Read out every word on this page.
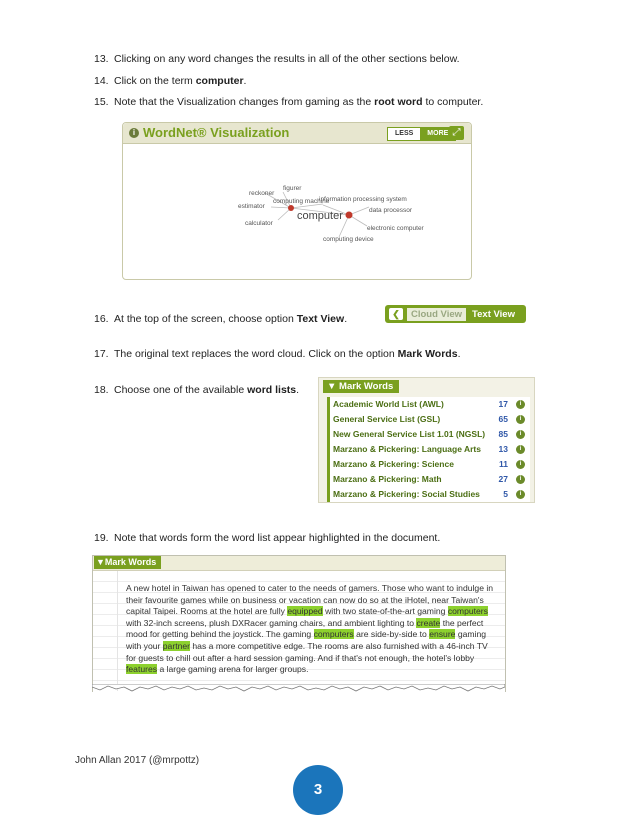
13. Clicking on any word changes the results in all of the other sections below.
14. Click on the term computer.
15. Note that the Visualization changes from gaming as the root word to computer.
i WordNet® Visualization	LESS	MORE ⤢
figurer
reckoner
estimator
computing machine
information processing system
data processor
calculator
electronic computer
computing device
computer
16. At the top of the screen, choose option Text View.	❮	Cloud View	Text View
17. The original text replaces the word cloud. Click on the option Mark Words.
18. Choose one of the available word lists.	▼ Mark Words
Academic World List (AWL)	17	i
General Service List (GSL)	65	i
New General Service List 1.01 (NGSL) 85	i
Marzano & Pickering: Language Arts 13	i
Marzano & Pickering: Science	11	i
Marzano & Pickering: Math	27	i
Marzano & Pickering: Social Studies	5	i
19. Note that words form the word list appear highlighted in the document.
▼Mark Words
A new hotel in Taiwan has opened to cater to the needs of gamers. Those who want to indulge in their favourite games while on business or vacation can now do so at the iHotel, near Taiwan's capital Taipei. Rooms at the hotel are fully equipped with two state-of-the-art gaming computers with 32-inch screens, plush DXRacer gaming chairs, and ambient lighting to create the perfect mood for getting behind the joystick. The gaming computers are side-by-side to ensure gaming with your partner has a more competitive edge. The rooms are also furnished with a 46-inch TV for guests to chill out after a hard session gaming. And if that's not enough, the hotel's lobby features a large gaming arena for larger groups.
John Allan 2017 (@mrpottz)
3
